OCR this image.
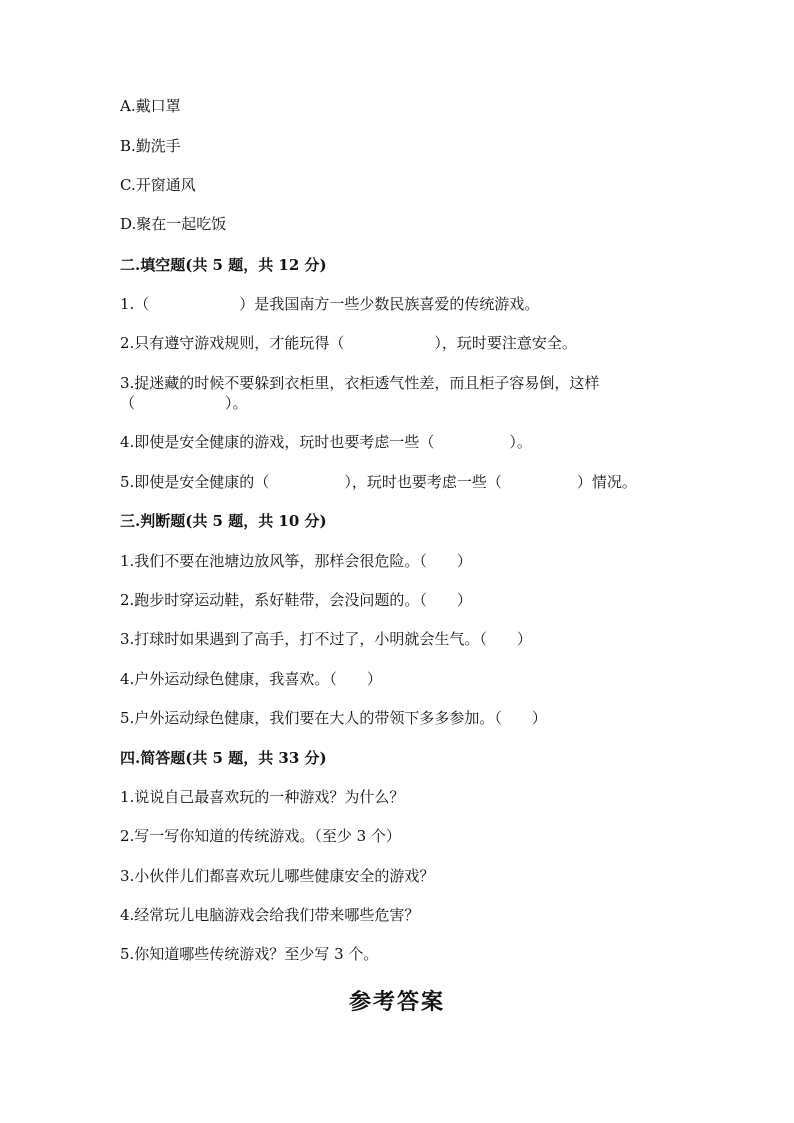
A.戴口罩
B.勤洗手
C.开窗通风
D.聚在一起吃饭
二.填空题(共 5 题，共 12 分)
1.（　　　　　　）是我国南方一些少数民族喜爱的传统游戏。
2.只有遵守游戏规则，才能玩得（　　　　　　），玩时要注意安全。
3.捉迷藏的时候不要躲到衣柜里，衣柜透气性差，而且柜子容易倒，这样
（　　　　　　）。
4.即使是安全健康的游戏，玩时也要考虑一些（　　　　　）。
5.即使是安全健康的（　　　　　），玩时也要考虑一些（　　　　　）情况。
三.判断题(共 5 题，共 10 分)
1.我们不要在池塘边放风筝，那样会很危险。（　　）
2.跑步时穿运动鞋，系好鞋带，会没问题的。（　　）
3.打球时如果遇到了高手，打不过了，小明就会生气。（　　）
4.户外运动绿色健康，我喜欢。（　　）
5.户外运动绿色健康，我们要在大人的带领下多多参加。（　　）
四.简答题(共 5 题，共 33 分)
1.说说自己最喜欢玩的一种游戏？为什么？
2.写一写你知道的传统游戏。（至少 3 个）
3.小伙伴儿们都喜欢玩儿哪些健康安全的游戏？
4.经常玩儿电脑游戏会给我们带来哪些危害？
5.你知道哪些传统游戏？至少写 3 个。
参考答案
